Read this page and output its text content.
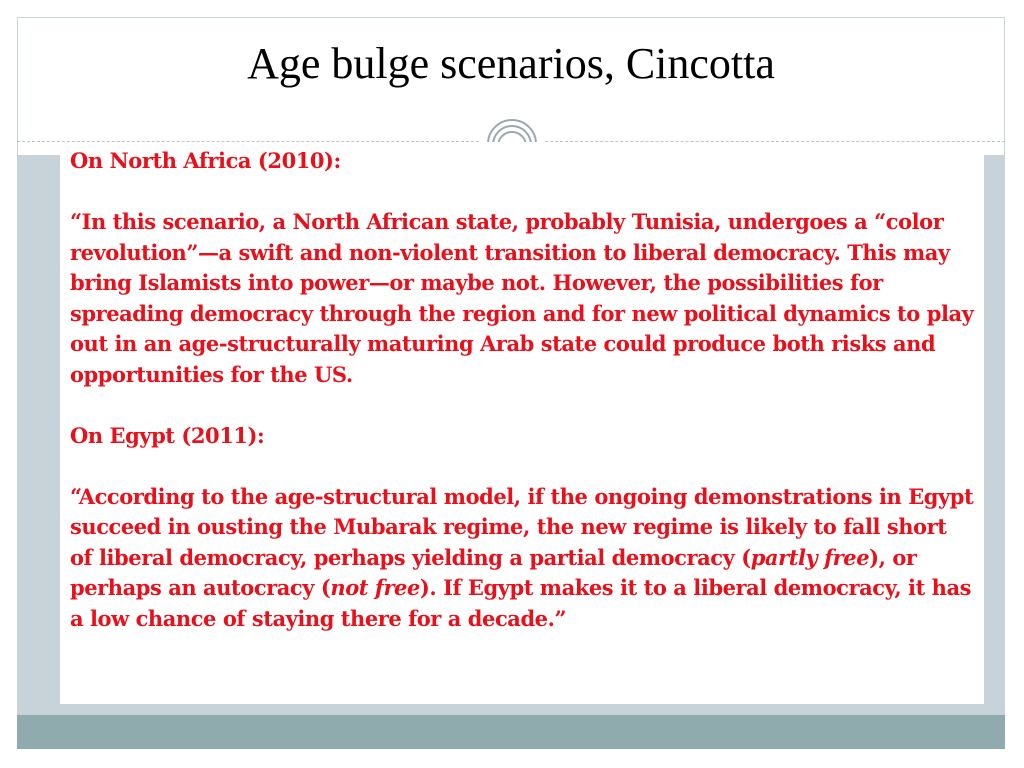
Age bulge scenarios, Cincotta

On North Africa (2010):

“In this scenario, a North African state, probably Tunisia, undergoes a “color revolution”—a swift and non-violent transition to liberal democracy. This may bring Islamists into power—or maybe not. However, the possibilities for spreading democracy through the region and for new political dynamics to play out in an age-structurally maturing Arab state could produce both risks and opportunities for the US.

On Egypt (2011):

“According to the age-structural model, if the ongoing demonstrations in Egypt succeed in ousting the Mubarak regime, the new regime is likely to fall short of liberal democracy, perhaps yielding a partial democracy (partly free), or perhaps an autocracy (not free). If Egypt makes it to a liberal democracy, it has a low chance of staying there for a decade.”
